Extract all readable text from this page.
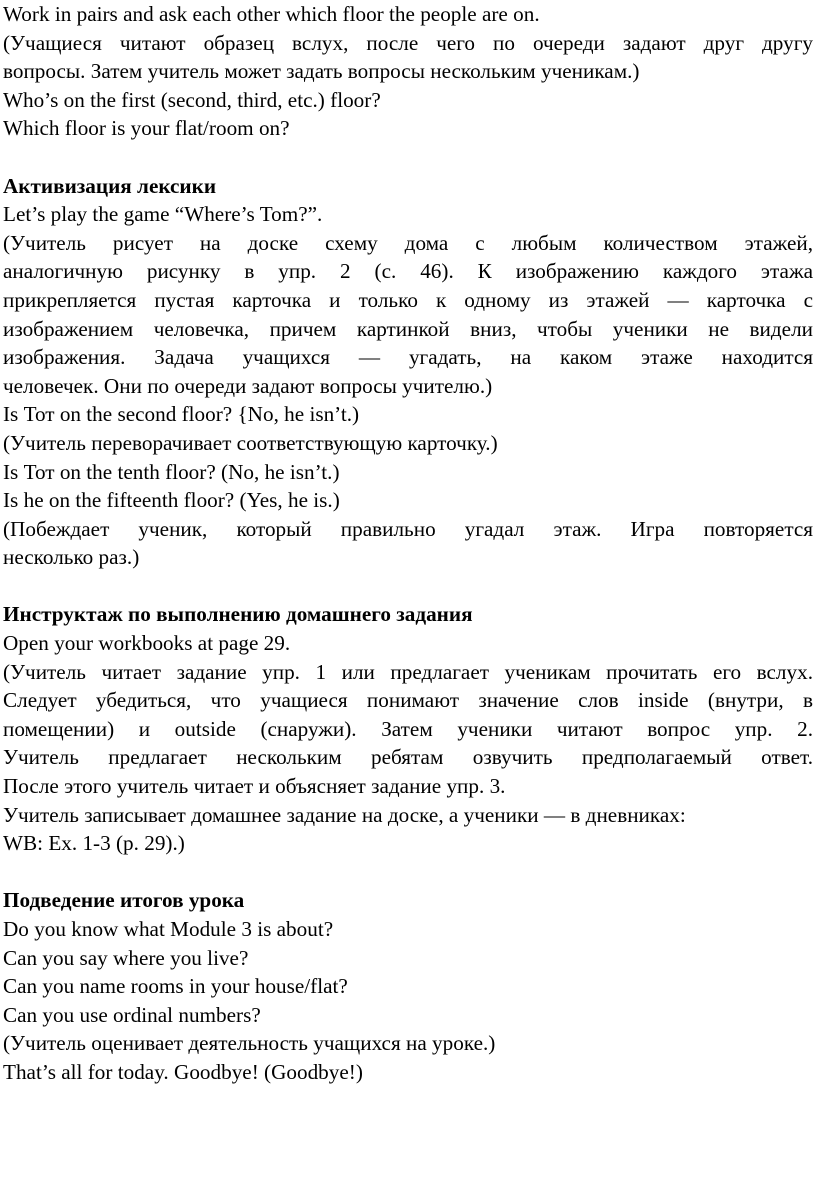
Work in pairs and ask each other which floor the people are on.
(Учащиеся читают образец вслух, после чего по очереди задают друг другу
вопросы. Затем учитель может задать вопросы нескольким ученикам.)
Who’s on the first (second, third, etc.) floor?
Which floor is your flat/room on?
Активизация лексики
Let’s play the game “Where’s Tom?”.
(Учитель рисует на доске схему дома с любым количеством этажей,
аналогичную рисунку в упр. 2 (с. 46). К изображению каждого этажа
прикрепляется пустая карточка и только к одному из этажей — карточка с
изображением человечка, причем картинкой вниз, чтобы ученики не видели
изображения. Задача учащихся — угадать, на каком этаже находится
человечек. Они по очереди задают вопросы учителю.)
Is Тот on the second floor? {No, he isn’t.)
(Учитель переворачивает соответствующую карточку.)
Is Тот on the tenth floor? (No, he isn’t.)
Is he on the fifteenth floor? (Yes, he is.)
(Побеждает ученик, который правильно угадал этаж. Игра повторяется
несколько раз.)
Инструктаж по выполнению домашнего задания
Open your workbooks at page 29.
(Учитель читает задание упр. 1 или предлагает ученикам прочитать его вслух.
Следует убедиться, что учащиеся понимают значение слов inside (внутри, в
помещении) и outside (снаружи). Затем ученики читают вопрос упр. 2.
Учитель предлагает нескольким ребятам озвучить предполагаемый ответ.
После этого учитель читает и объясняет задание упр. 3.
Учитель записывает домашнее задание на доске, а ученики — в дневниках:
WB: Ex. 1-3 (p. 29).)
Подведение итогов урока
Do you know what Module 3 is about?
Can you say where you live?
Can you name rooms in your house/flat?
Can you use ordinal numbers?
(Учитель оценивает деятельность учащихся на уроке.)
That’s all for today. Goodbye! (Goodbye!)
